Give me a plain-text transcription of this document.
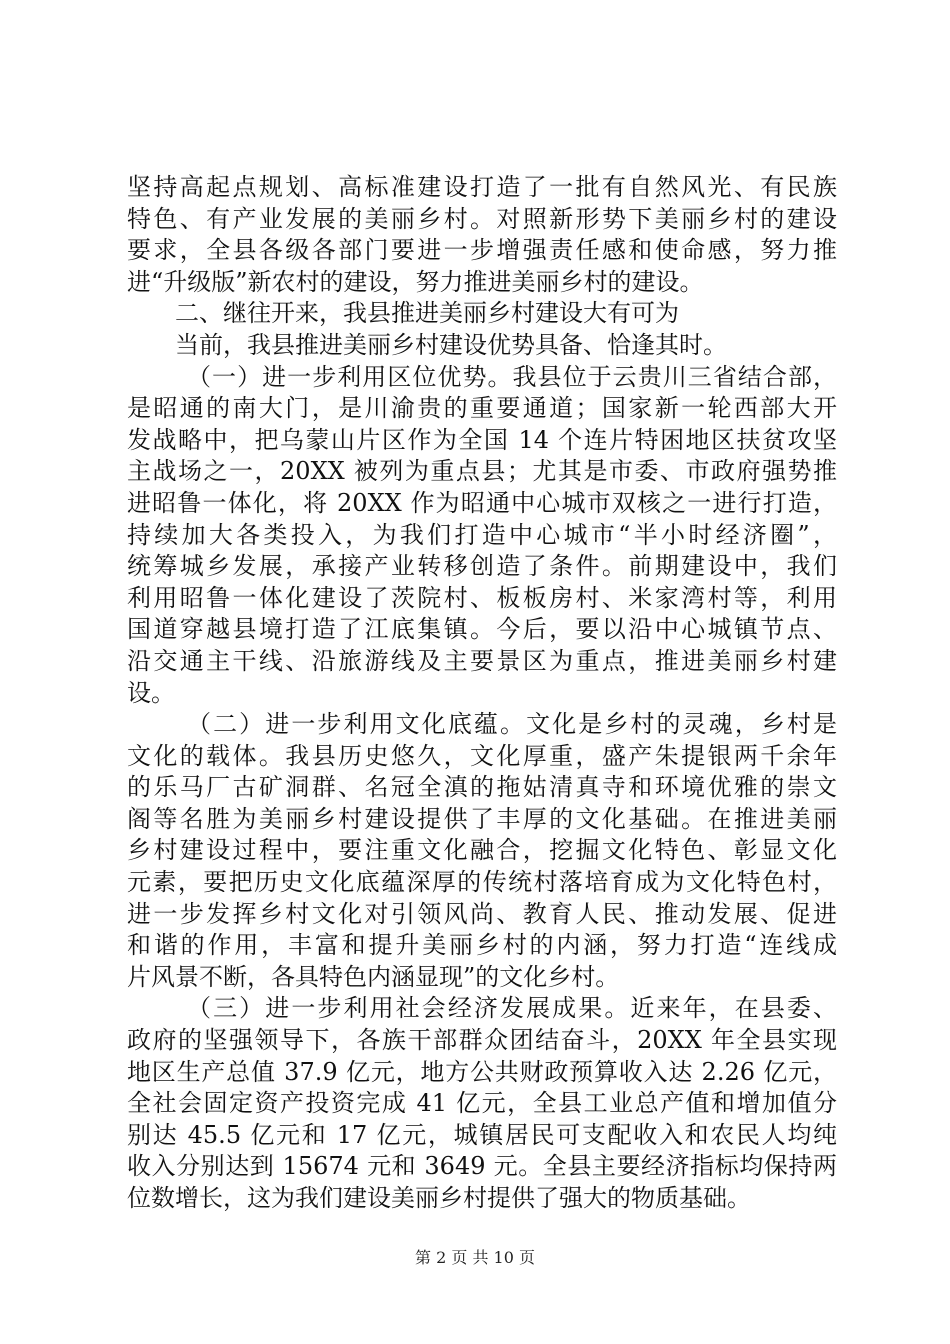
坚持高起点规划、高标准建设打造了一批有自然风光、有民族
特色、有产业发展的美丽乡村。对照新形势下美丽乡村的建设
要求，全县各级各部门要进一步增强责任感和使命感，努力推
进“升级版”新农村的建设，努力推进美丽乡村的建设。
二、继往开来，我县推进美丽乡村建设大有可为
当前，我县推进美丽乡村建设优势具备、恰逢其时。
（一）进一步利用区位优势。我县位于云贵川三省结合部，
是昭通的南大门，是川渝贵的重要通道；国家新一轮西部大开
发战略中，把乌蒙山片区作为全国 14 个连片特困地区扶贫攻坚
主战场之一，20XX 被列为重点县；尤其是市委、市政府强势推
进昭鲁一体化，将 20XX 作为昭通中心城市双核之一进行打造，
持续加大各类投入，为我们打造中心城市“半小时经济圈”，
统筹城乡发展，承接产业转移创造了条件。前期建设中，我们
利用昭鲁一体化建设了茨院村、板板房村、米家湾村等，利用
国道穿越县境打造了江底集镇。今后，要以沿中心城镇节点、
沿交通主干线、沿旅游线及主要景区为重点，推进美丽乡村建
设。
（二）进一步利用文化底蕴。文化是乡村的灵魂，乡村是
文化的载体。我县历史悠久，文化厚重，盛产朱提银两千余年
的乐马厂古矿洞群、名冠全滇的拖姑清真寺和环境优雅的崇文
阁等名胜为美丽乡村建设提供了丰厚的文化基础。在推进美丽
乡村建设过程中，要注重文化融合，挖掘文化特色、彰显文化
元素，要把历史文化底蕴深厚的传统村落培育成为文化特色村，
进一步发挥乡村文化对引领风尚、教育人民、推动发展、促进
和谐的作用，丰富和提升美丽乡村的内涵，努力打造“连线成
片风景不断，各具特色内涵显现”的文化乡村。
（三）进一步利用社会经济发展成果。近来年，在县委、
政府的坚强领导下，各族干部群众团结奋斗，20XX 年全县实现
地区生产总值 37.9 亿元，地方公共财政预算收入达 2.26 亿元，
全社会固定资产投资完成 41 亿元，全县工业总产值和增加值分
别达 45.5 亿元和 17 亿元，城镇居民可支配收入和农民人均纯
收入分别达到 15674 元和 3649 元。全县主要经济指标均保持两
位数增长，这为我们建设美丽乡村提供了强大的物质基础。
第 2 页 共 10 页
